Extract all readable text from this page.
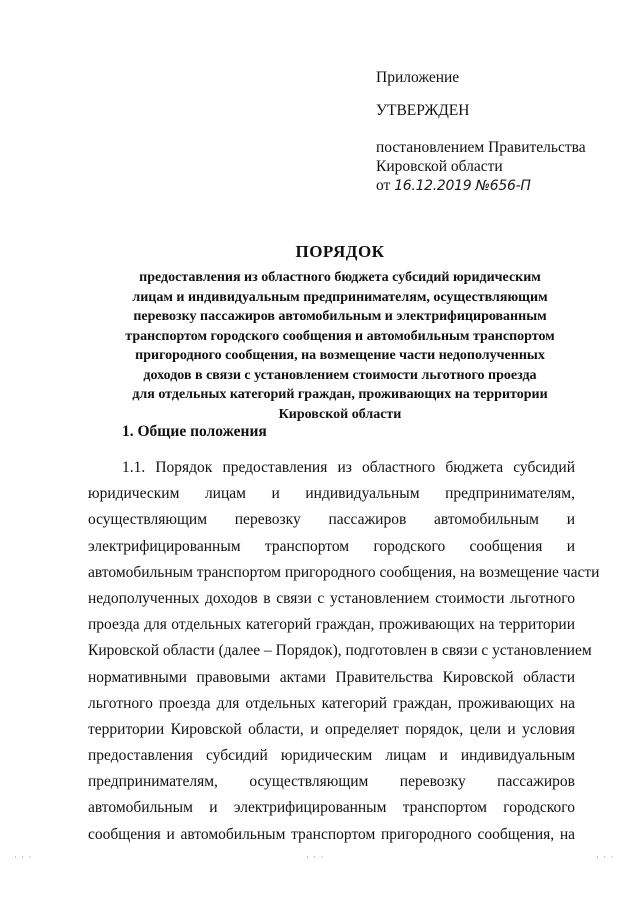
Приложение
УТВЕРЖДЕН
постановлением Правительства
Кировской области
от 16.12.2019 №656-П
ПОРЯДОК
предоставления из областного бюджета субсидий юридическим
лицам и индивидуальным предпринимателям, осуществляющим
перевозку пассажиров автомобильным и электрифицированным
транспортом городского сообщения и автомобильным транспортом
пригородного сообщения, на возмещение части недополученных
доходов в связи с установлением стоимости льготного проезда
для отдельных категорий граждан, проживающих на территории
Кировской области
1. Общие положения
1.1. Порядок предоставления из областного бюджета субсидий
юридическим лицам и индивидуальным предпринимателям,
осуществляющим перевозку пассажиров автомобильным и
электрифицированным транспортом городского сообщения и
автомобильным транспортом пригородного сообщения, на возмещение части
недополученных доходов в связи с установлением стоимости льготного
проезда для отдельных категорий граждан, проживающих на территории
Кировской области (далее – Порядок), подготовлен в связи с установлением
нормативными правовыми актами Правительства Кировской области
льготного проезда для отдельных категорий граждан, проживающих на
территории Кировской области, и определяет порядок, цели и условия
предоставления субсидий юридическим лицам и индивидуальным
предпринимателям, осуществляющим перевозку пассажиров
автомобильным и электрифицированным транспортом городского
сообщения и автомобильным транспортом пригородного сообщения, на
· · ·	· · ·	· · ·
